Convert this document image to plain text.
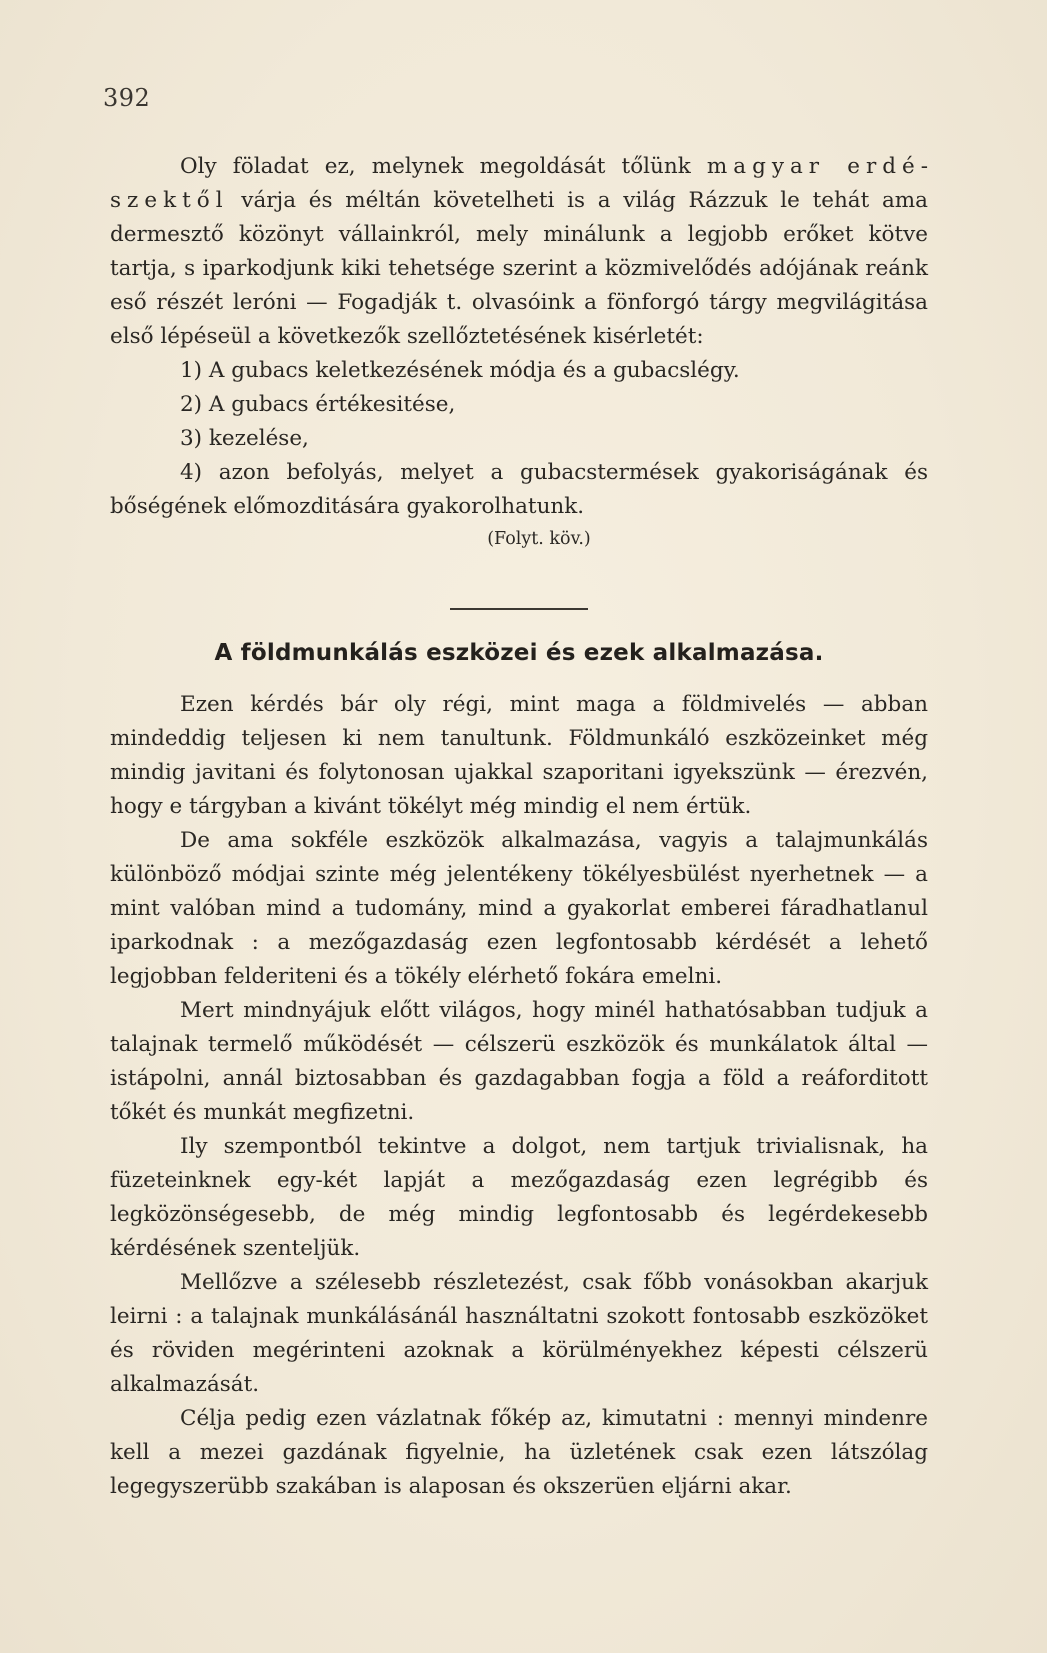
392

Oly föladat ez, melynek megoldását tőlünk magyar erdészektől várja és méltán követelheti is a világ Rázzuk le tehát ama dermesztő közönyt vállainkról, mely minálunk a legjobb erőket kötve tartja, s iparkodjunk kiki tehetsége szerint a közmivelődés adójának reánk eső részét leróni — Fogadják t. olvasóink a fönforgó tárgy megvilágitása első lépéseül a következők szellőztetésének kisérletét:

1) A gubacs keletkezésének módja és a gubacslégy.

2) A gubacs értékesitése,

3) kezelése,

4) azon befolyás, melyet a gubacstermések gyakoriságának és bőségének előmozditására gyakorolhatunk.

(Folyt. köv.)

A földmunkálás eszközei és ezek alkalmazása.

Ezen kérdés bár oly régi, mint maga a földmivelés — abban mindeddig teljesen ki nem tanultunk. Földmunkáló eszközeinket még mindig javitani és folytonosan ujakkal szaporitani igyekszünk — érezvén, hogy e tárgyban a kivánt tökélyt még mindig el nem értük.

De ama sokféle eszközök alkalmazása, vagyis a talajmunkálás különböző módjai szinte még jelentékeny tökélyesbülést nyerhetnek — a mint valóban mind a tudomány, mind a gyakorlat emberei fáradhatlanul iparkodnak : a mezőgazdaság ezen legfontosabb kérdését a lehető legjobban felderiteni és a tökély elérhető fokára emelni.

Mert mindnyájuk előtt világos, hogy minél hathatósabban tudjuk a talajnak termelő működését — célszerü eszközök és munkálatok által — istápolni, annál biztosabban és gazdagabban fogja a föld a reáforditott tőkét és munkát megfizetni.

Ily szempontból tekintve a dolgot, nem tartjuk trivialisnak, ha füzeteinknek egy-két lapját a mezőgazdaság ezen legrégibb és legközönségesebb, de még mindig legfontosabb és legérdekesebb kérdésének szenteljük.

Mellőzve a szélesebb részletezést, csak főbb vonásokban akarjuk leirni : a talajnak munkálásánál használtatni szokott fontosabb eszközöket és röviden megérinteni azoknak a körülményekhez képesti célszerü alkalmazását.

Célja pedig ezen vázlatnak főkép az, kimutatni : mennyi mindenre kell a mezei gazdának figyelnie, ha üzletének csak ezen látszólag legegyszerübb szakában is alaposan és okszerüen eljárni akar.
